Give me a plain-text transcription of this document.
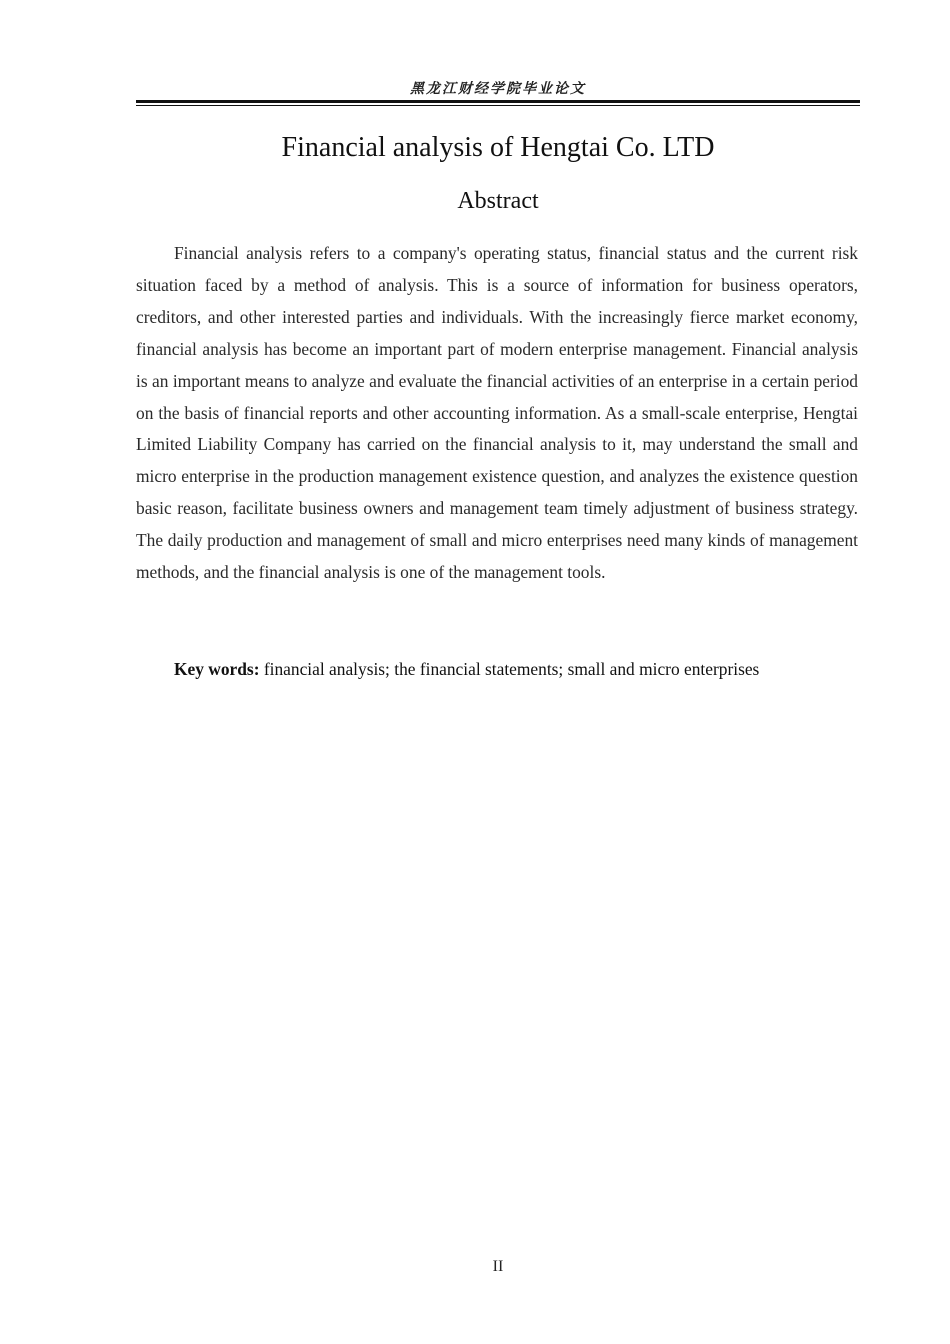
黑龙江财经学院毕业论文
Financial analysis of Hengtai Co. LTD
Abstract

Financial analysis refers to a company's operating status, financial status and the current risk situation faced by a method of analysis. This is a source of information for business operators, creditors, and other interested parties and individuals. With the increasingly fierce market economy, financial analysis has become an important part of modern enterprise management. Financial analysis is an important means to analyze and evaluate the financial activities of an enterprise in a certain period on the basis of financial reports and other accounting information. As a small-scale enterprise, Hengtai Limited Liability Company has carried on the financial analysis to it, may understand the small and micro enterprise in the production management existence question, and analyzes the existence question basic reason, facilitate business owners and management team timely adjustment of business strategy. The daily production and management of small and micro enterprises need many kinds of management methods, and the financial analysis is one of the management tools.

Key words: financial analysis; the financial statements; small and micro enterprises

II
